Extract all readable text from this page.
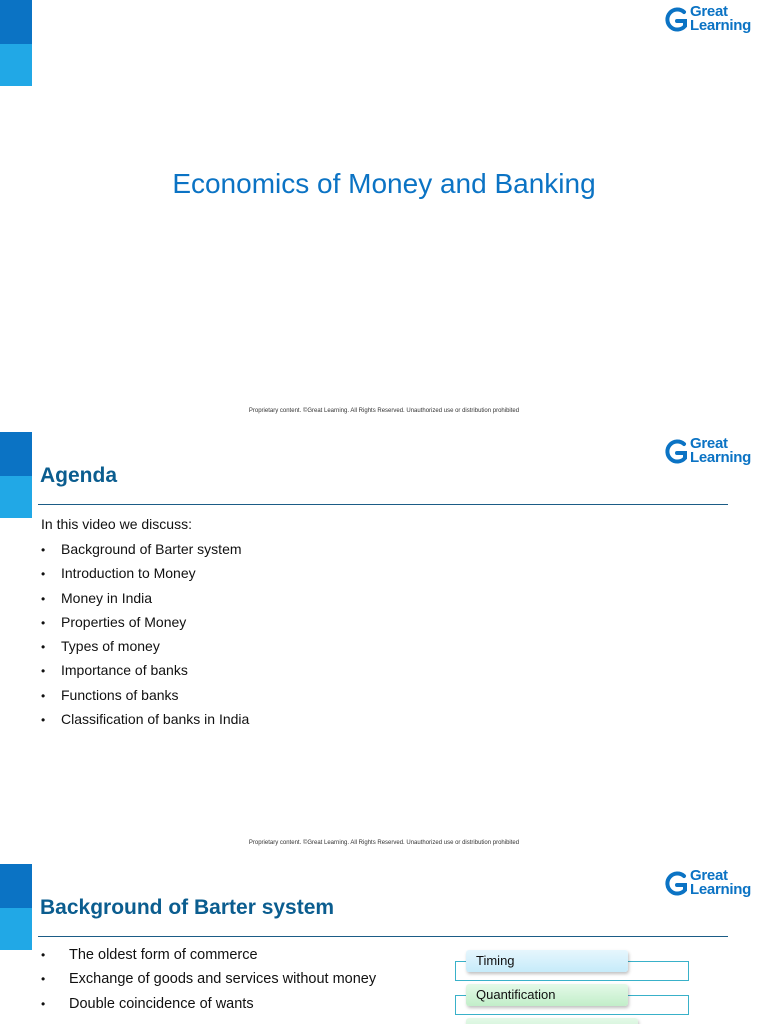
Great
Learning
Economics of Money and Banking
Proprietary content. ©Great Learning. All Rights Reserved. Unauthorized use or distribution prohibited
Great
Learning
Agenda
In this video we discuss:
• Background of Barter system
• Introduction to Money
• Money in India
• Properties of Money
• Types of money
• Importance of banks
• Functions of banks
• Classification of banks in India
Proprietary content. ©Great Learning. All Rights Reserved. Unauthorized use or distribution prohibited
Great
Learning
Background of Barter system
• The oldest form of commerce
• Exchange of goods and services without money
• Double coincidence of wants
Timing
Quantification
